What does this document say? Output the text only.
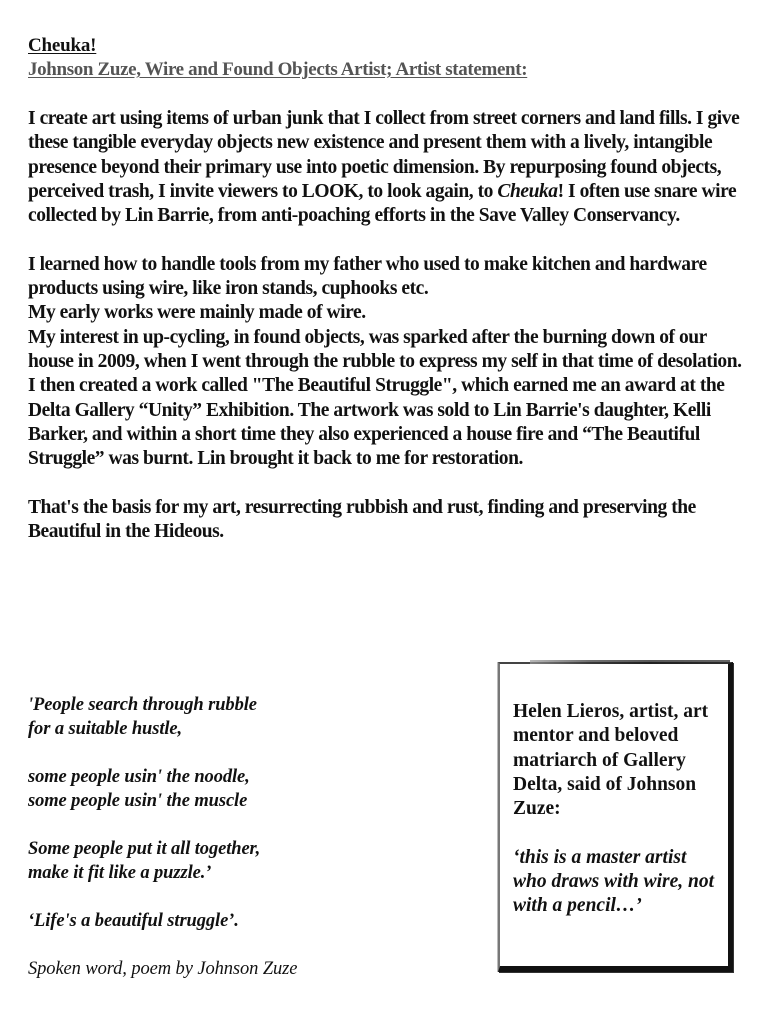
Cheuka!
Johnson Zuze, Wire and Found Objects Artist; Artist statement:

I create art using items of urban junk that I collect from street corners and land fills. I give these tangible everyday objects new existence and present them with a lively, intangible presence beyond their primary use into poetic dimension. By repurposing found objects, perceived trash, I invite viewers to LOOK, to look again, to Cheuka! I often use snare wire collected by Lin Barrie, from anti-poaching efforts in the Save Valley Conservancy.

I learned how to handle tools from my father who used to make kitchen and hardware products using wire, like iron stands, cuphooks etc.

My early works were mainly made of wire.

My interest in up-cycling, in found objects, was sparked after the burning down of our house in 2009, when I went through the rubble to express my self in that time of desolation.

I then created a work called "The Beautiful Struggle", which earned me an award at the Delta Gallery “Unity” Exhibition. The artwork was sold to Lin Barrie's daughter, Kelli Barker, and within a short time they also experienced a house fire and “The Beautiful Struggle” was burnt. Lin brought it back to me for restoration.

That's the basis for my art, resurrecting rubbish and rust, finding and preserving the Beautiful in the Hideous.

'People search through rubble
for a suitable hustle,
some people usin' the noodle,
some people usin' the muscle
Some people put it all together,
make it fit like a puzzle.’
‘Life's a beautiful struggle’.
Spoken word, poem by Johnson Zuze

Helen Lieros, artist, art mentor and beloved matriarch of Gallery Delta, said of Johnson Zuze:

‘this is a master artist who draws with wire, not with a pencil…’
